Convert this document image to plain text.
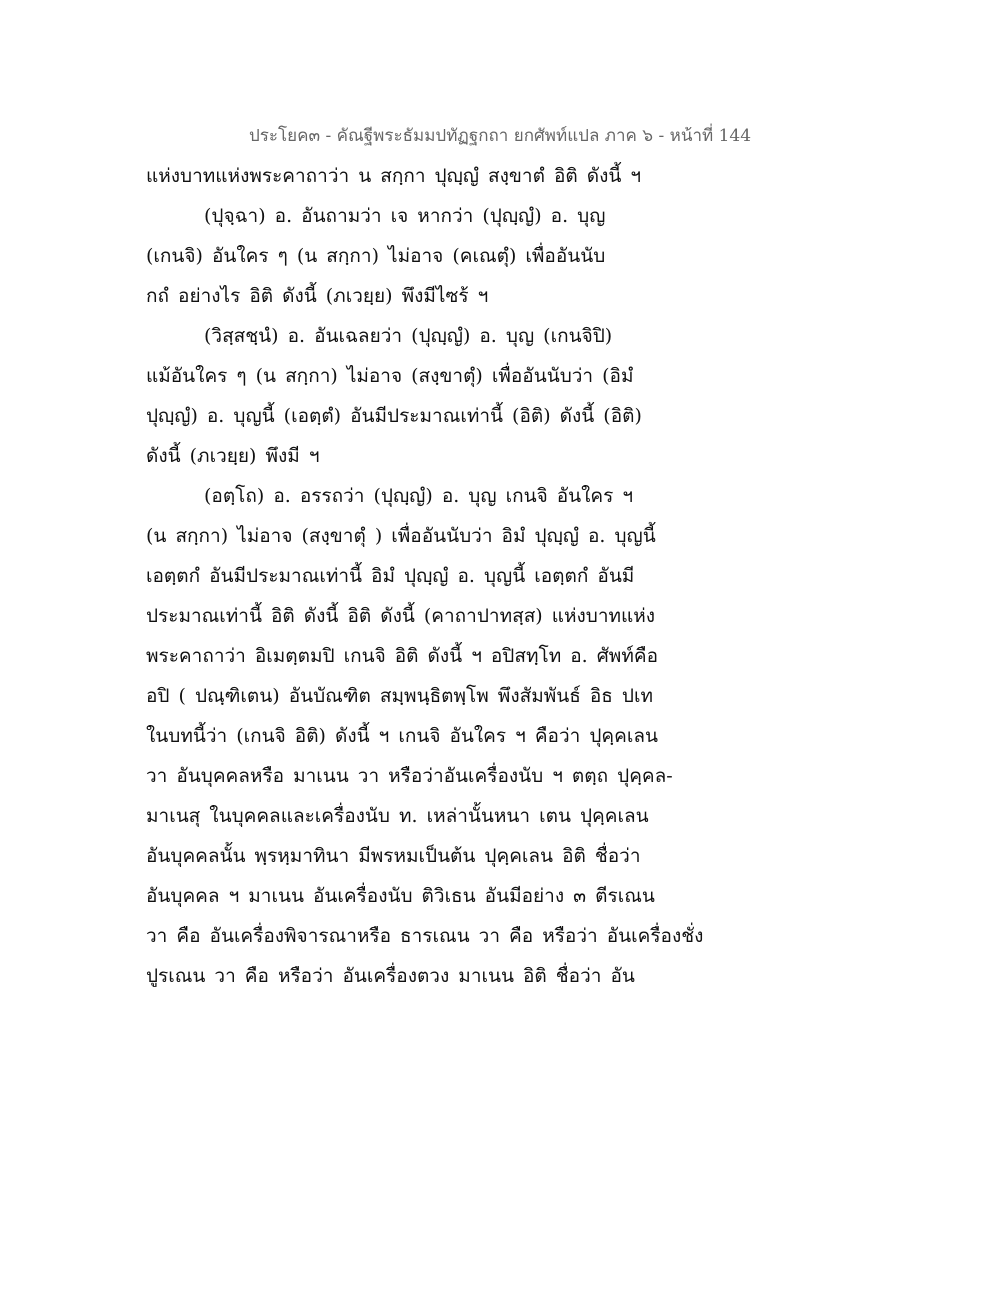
ประโยค๓ - คัณฐีพระธัมมปทัฏฐกถา ยกศัพท์แปล ภาค ๖ - หน้าที่ 144
แห่งบาทแห่งพระคาถาว่า น สกฺกา ปุญฺญํ สงฺขาตํ อิติ ดังนี้ ฯ
(ปุจฺฉา) อ. อันถามว่า เจ หากว่า (ปุญฺญํ) อ. บุญ
(เกนจิ) อันใคร ๆ (น สกฺกา) ไม่อาจ (คเณตุํ) เพื่ออันนับ
กถํ อย่างไร อิติ ดังนี้ (ภเวยฺย) พึงมีไซร้ ฯ
(วิสฺสชฺนํ) อ. อันเฉลยว่า (ปุญฺญํ) อ. บุญ (เกนจิปิ)
แม้อันใคร ๆ (น สกฺกา) ไม่อาจ (สงฺขาตุํ) เพื่ออันนับว่า (อิมํ
ปุญฺญํ) อ. บุญนี้ (เอตฺตํ) อันมีประมาณเท่านี้ (อิติ) ดังนี้ (อิติ)
ดังนี้ (ภเวยฺย) พึงมี ฯ
(อตฺโถ) อ. อรรถว่า (ปุญฺญํ) อ. บุญ เกนจิ อันใคร ฯ
(น สกฺกา) ไม่อาจ (สงฺขาตุํ ) เพื่ออันนับว่า อิมํ ปุญฺญํ อ. บุญนี้
เอตฺตกํ อันมีประมาณเท่านี้ อิมํ ปุญฺญํ อ. บุญนี้ เอตฺตกํ อันมี
ประมาณเท่านี้ อิติ ดังนี้ อิติ ดังนี้ (คาถาปาทสฺส) แห่งบาทแห่ง
พระคาถาว่า อิเมตฺตมปิ เกนจิ อิติ ดังนี้ ฯ อปิสทฺโท อ. ศัพท์คือ
อปิ ( ปณฺฑิเตน) อันบัณฑิต สมฺพนฺธิตพฺโพ พึงสัมพันธ์ อิธ ปเท
ในบทนี้ว่า (เกนจิ อิติ) ดังนี้ ฯ เกนจิ อันใคร ฯ คือว่า ปุคฺคเลน
วา อันบุคคลหรือ มาเนน วา หรือว่าอันเครื่องนับ ฯ ตตฺถ ปุคฺคล-
มาเนสุ ในบุคคลและเครื่องนับ ท. เหล่านั้นหนา เตน ปุคฺคเลน
อันบุคคลนั้น พฺรหฺมาทินา มีพรหมเป็นต้น ปุคฺคเลน อิติ ชื่อว่า
อันบุคคล ฯ มาเนน อันเครื่องนับ ติวิเธน อันมีอย่าง ๓ ตีรเณน
วา คือ อันเครื่องพิจารณาหรือ ธารเณน วา คือ หรือว่า อันเครื่องชั่ง
ปูรเณน วา คือ หรือว่า อันเครื่องตวง มาเนน อิติ ชื่อว่า อัน
